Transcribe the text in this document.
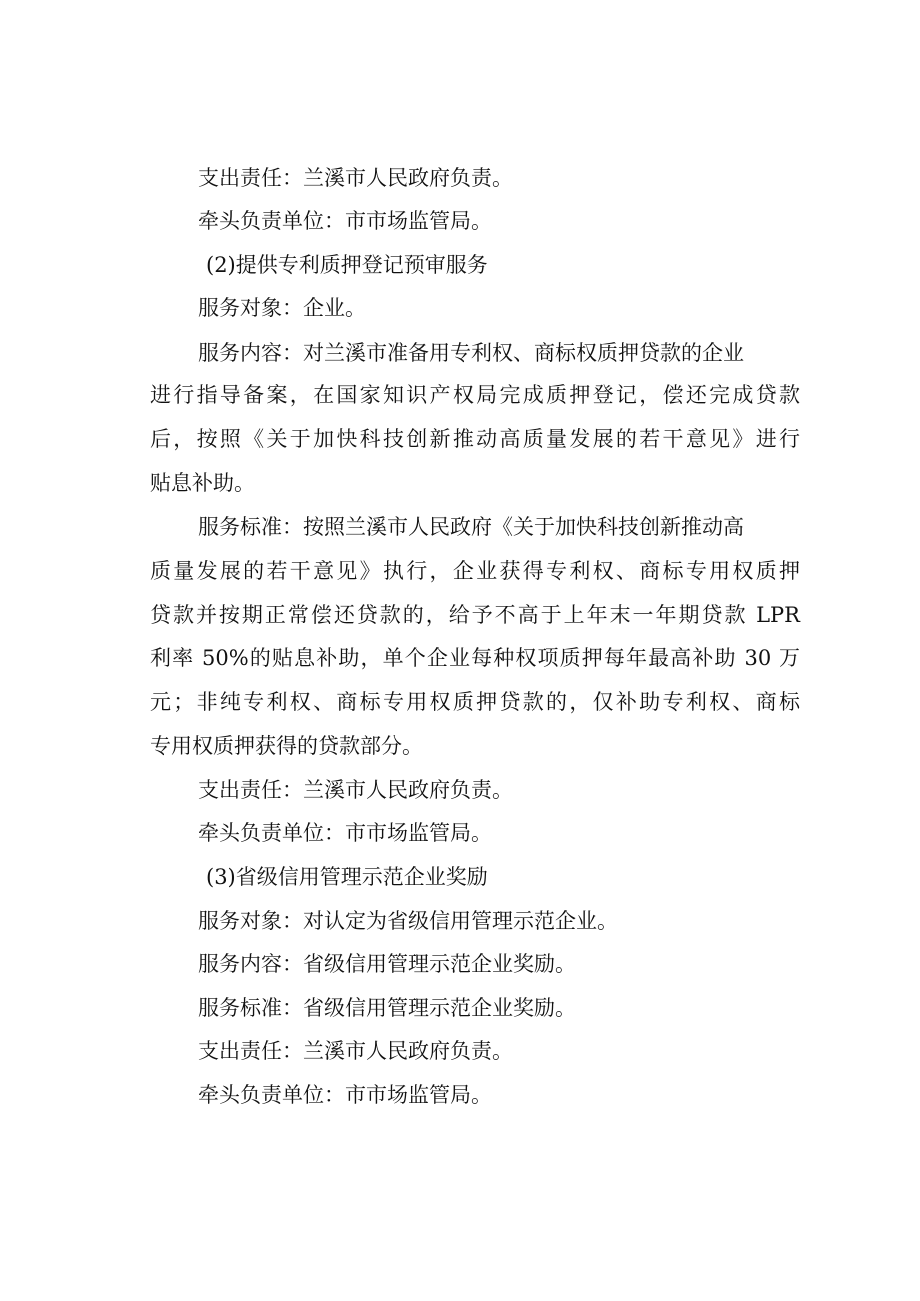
支出责任：兰溪市人民政府负责。
牵头负责单位：市市场监管局。
(2)提供专利质押登记预审服务
服务对象：企业。
服务内容：对兰溪市准备用专利权、商标权质押贷款的企业
进行指导备案，在国家知识产权局完成质押登记，偿还完成贷款
后，按照《关于加快科技创新推动高质量发展的若干意见》进行
贴息补助。
服务标准：按照兰溪市人民政府《关于加快科技创新推动高
质量发展的若干意见》执行，企业获得专利权、商标专用权质押
贷款并按期正常偿还贷款的，给予不高于上年末一年期贷款 LPR
利率 50%的贴息补助，单个企业每种权项质押每年最高补助 30 万
元；非纯专利权、商标专用权质押贷款的，仅补助专利权、商标
专用权质押获得的贷款部分。
支出责任：兰溪市人民政府负责。
牵头负责单位：市市场监管局。
(3)省级信用管理示范企业奖励
服务对象：对认定为省级信用管理示范企业。
服务内容：省级信用管理示范企业奖励。
服务标准：省级信用管理示范企业奖励。
支出责任：兰溪市人民政府负责。
牵头负责单位：市市场监管局。
